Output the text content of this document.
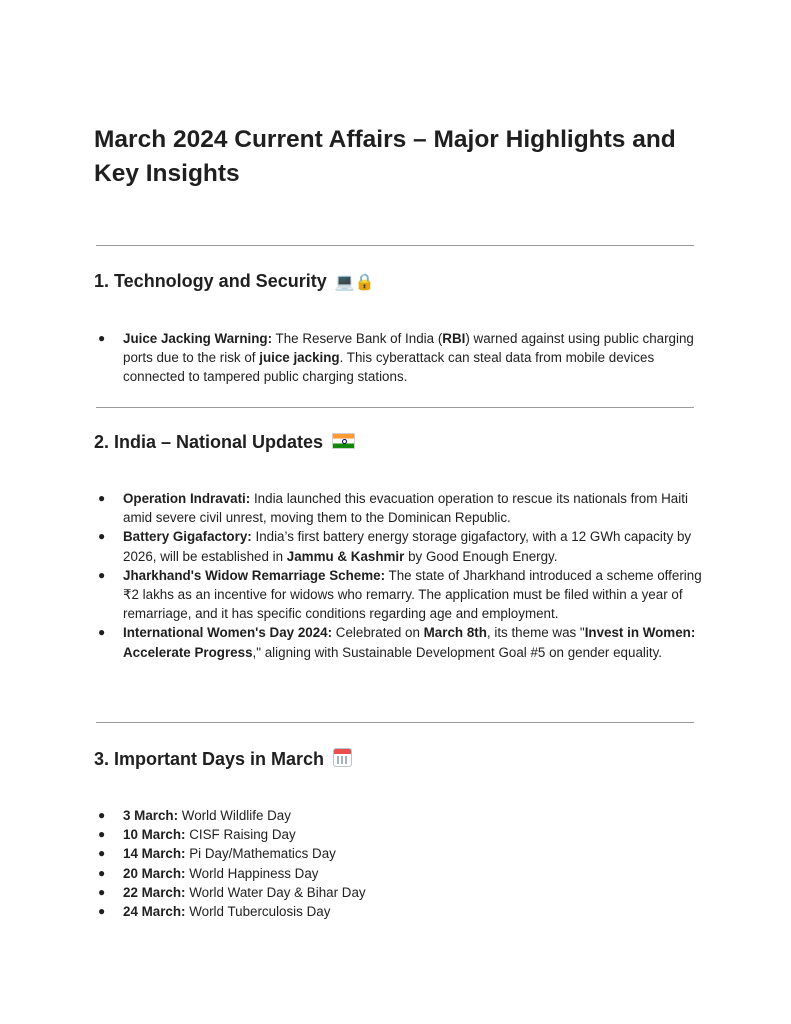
March 2024 Current Affairs – Major Highlights and Key Insights
1. Technology and Security 💻🔒
● Juice Jacking Warning: The Reserve Bank of India (RBI) warned against using public charging ports due to the risk of juice jacking. This cyberattack can steal data from mobile devices connected to tampered public charging stations.
2. India – National Updates
● Operation Indravati: India launched this evacuation operation to rescue its nationals from Haiti amid severe civil unrest, moving them to the Dominican Republic.
● Battery Gigafactory: India’s first battery energy storage gigafactory, with a 12 GWh capacity by 2026, will be established in Jammu & Kashmir by Good Enough Energy.
● Jharkhand's Widow Remarriage Scheme: The state of Jharkhand introduced a scheme offering ₹2 lakhs as an incentive for widows who remarry. The application must be filed within a year of remarriage, and it has specific conditions regarding age and employment.
● International Women's Day 2024: Celebrated on March 8th, its theme was "Invest in Women: Accelerate Progress," aligning with Sustainable Development Goal #5 on gender equality.
3. Important Days in March
● 3 March: World Wildlife Day
● 10 March: CISF Raising Day
● 14 March: Pi Day/Mathematics Day
● 20 March: World Happiness Day
● 22 March: World Water Day & Bihar Day
● 24 March: World Tuberculosis Day
